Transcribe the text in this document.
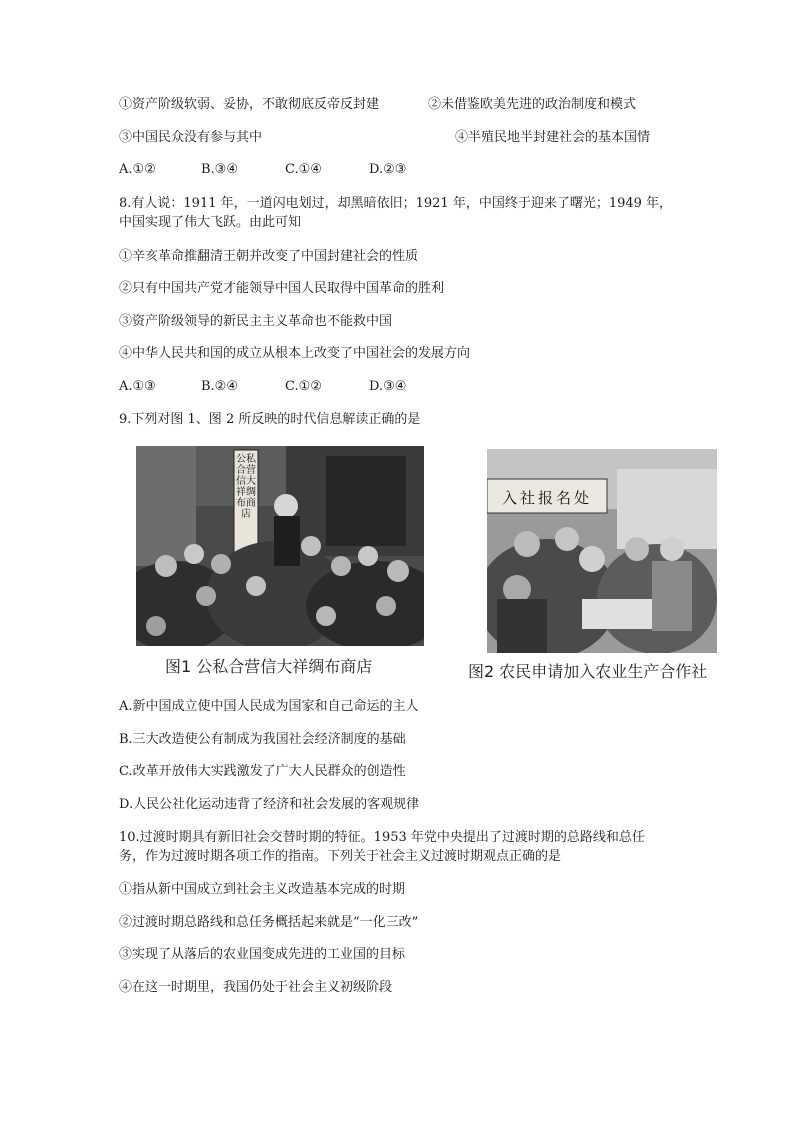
①资产阶级软弱、妥协，不敢彻底反帝反封建	②未借鉴欧美先进的政治制度和模式
③中国民众没有参与其中	④半殖民地半封建社会的基本国情
A.①②	B.③④	C.①④	D.②③
8.有人说：1911 年，一道闪电划过，却黑暗依旧；1921 年，中国终于迎来了曙光；1949 年，
中国实现了伟大飞跃。由此可知
①辛亥革命推翻清王朝并改变了中国封建社会的性质
②只有中国共产党才能领导中国人民取得中国革命的胜利
③资产阶级领导的新民主主义革命也不能救中国
④中华人民共和国的成立从根本上改变了中国社会的发展方向
A.①③	B.②④	C.①②	D.③④
9.下列对图 1、图 2 所反映的时代信息解读正确的是
公私合营信大祥绸布商店
图1 公私合营信大祥绸布商店
入社报名处
图2 农民申请加入农业生产合作社
A.新中国成立使中国人民成为国家和自己命运的主人
B.三大改造使公有制成为我国社会经济制度的基础
C.改革开放伟大实践激发了广大人民群众的创造性
D.人民公社化运动违背了经济和社会发展的客观规律
10.过渡时期具有新旧社会交替时期的特征。1953 年党中央提出了过渡时期的总路线和总任
务，作为过渡时期各项工作的指南。下列关于社会主义过渡时期观点正确的是
①指从新中国成立到社会主义改造基本完成的时期
②过渡时期总路线和总任务概括起来就是“一化三改”
③实现了从落后的农业国变成先进的工业国的目标
④在这一时期里，我国仍处于社会主义初级阶段
